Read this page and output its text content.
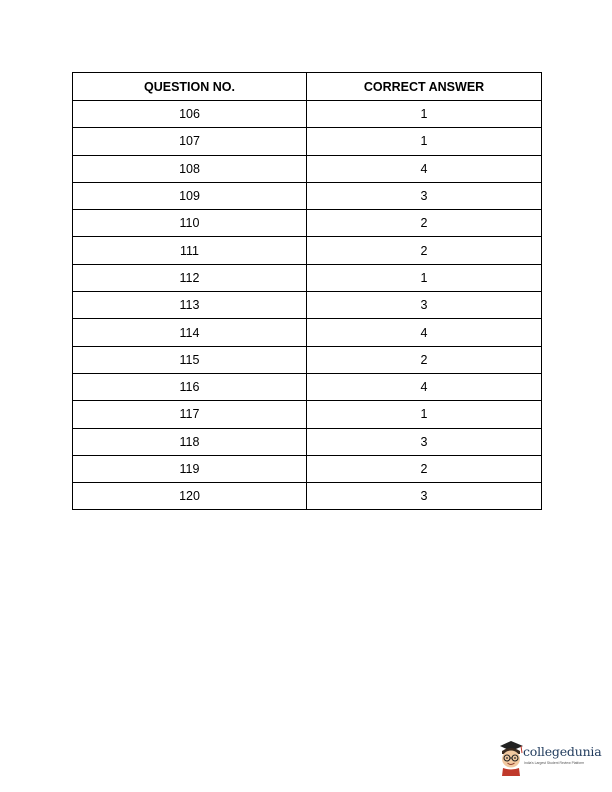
QUESTION NO.	CORRECT ANSWER
106	1
107	1
108	4
109	3
110	2
111	2
112	1
113	3
114	4
115	2
116	4
117	1
118	3
119	2
120	3
collegedunia
India's Largest Student Review Platform
